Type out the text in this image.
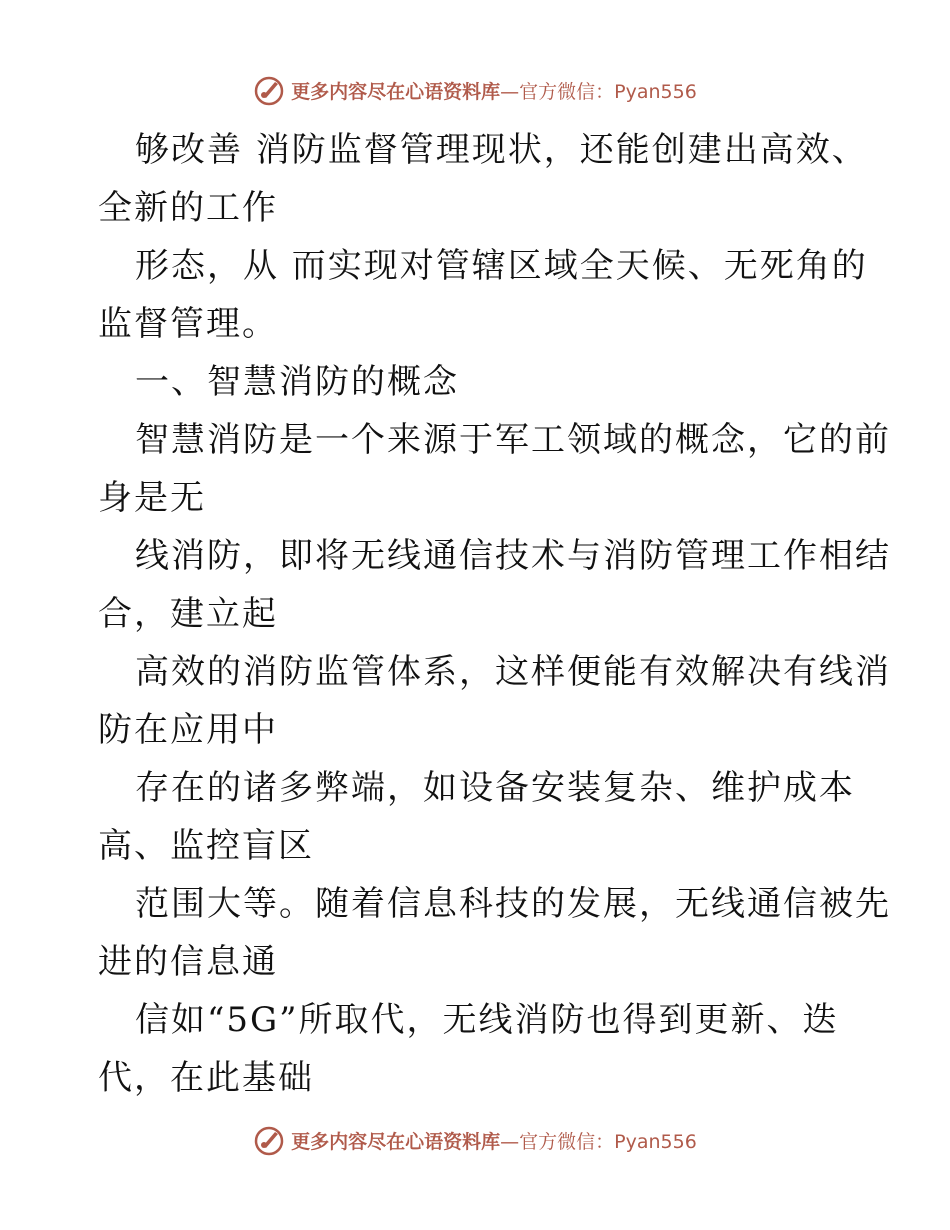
更多内容尽在心语资料库—官方微信：Pyan556
够改善 消防监督管理现状，还能创建出高效、
全新的工作
形态，从 而实现对管辖区域全天候、无死角的
监督管理。
一、智慧消防的概念
智慧消防是一个来源于军工领域的概念，它的前
身是无
线消防，即将无线通信技术与消防管理工作相结
合，建立起
高效的消防监管体系，这样便能有效解决有线消
防在应用中
存在的诸多弊端，如设备安装复杂、维护成本
高、监控盲区
范围大等。随着信息科技的发展，无线通信被先
进的信息通
信如“5G”所取代，无线消防也得到更新、迭
代，在此基础
更多内容尽在心语资料库—官方微信：Pyan556
